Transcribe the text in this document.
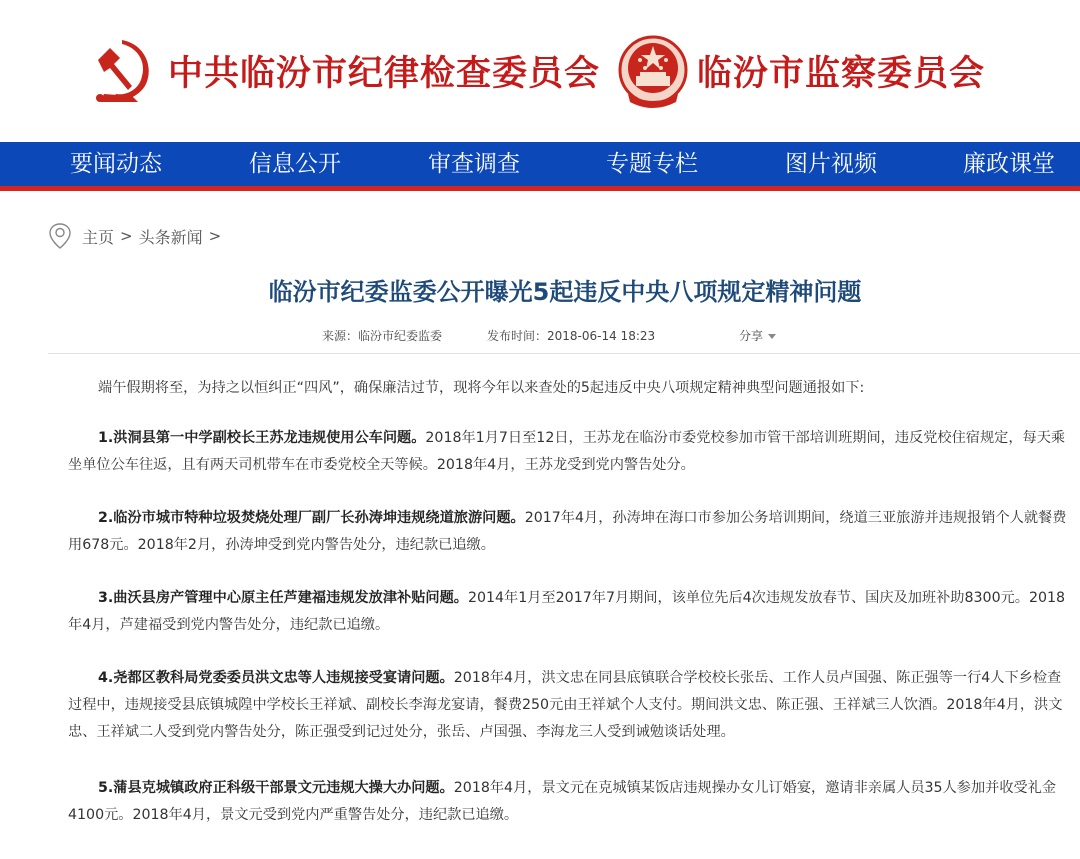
中共临汾市纪律检查委员会	临汾市监察委员会
要闻动态	信息公开	审查调查	专题专栏	图片视频	廉政课堂
主页 > 头条新闻 >
临汾市纪委监委公开曝光5起违反中央八项规定精神问题
来源：临汾市纪委监委	发布时间：2018-06-14 18:23	分享
端午假期将至，为持之以恒纠正“四风”，确保廉洁过节，现将今年以来查处的5起违反中央八项规定精神典型问题通报如下:
1.洪洞县第一中学副校长王苏龙违规使用公车问题。2018年1月7日至12日，王苏龙在临汾市委党校参加市管干部培训班期间，违反党校住宿规定，每天乘坐单位公车往返，且有两天司机带车在市委党校全天等候。2018年4月，王苏龙受到党内警告处分。
2.临汾市城市特种垃圾焚烧处理厂副厂长孙涛坤违规绕道旅游问题。2017年4月，孙涛坤在海口市参加公务培训期间，绕道三亚旅游并违规报销个人就餐费用678元。2018年2月，孙涛坤受到党内警告处分，违纪款已追缴。
3.曲沃县房产管理中心原主任芦建福违规发放津补贴问题。2014年1月至2017年7月期间，该单位先后4次违规发放春节、国庆及加班补助8300元。2018年4月，芦建福受到党内警告处分，违纪款已追缴。
4.尧都区教科局党委委员洪文忠等人违规接受宴请问题。2018年4月，洪文忠在同县底镇联合学校校长张岳、工作人员卢国强、陈正强等一行4人下乡检查过程中，违规接受县底镇城隍中学校长王祥斌、副校长李海龙宴请，餐费250元由王祥斌个人支付。期间洪文忠、陈正强、王祥斌三人饮酒。2018年4月，洪文忠、王祥斌二人受到党内警告处分，陈正强受到记过处分，张岳、卢国强、李海龙三人受到诫勉谈话处理。
5.蒲县克城镇政府正科级干部景文元违规大操大办问题。2018年4月，景文元在克城镇某饭店违规操办女儿订婚宴，邀请非亲属人员35人参加并收受礼金4100元。2018年4月，景文元受到党内严重警告处分，违纪款已追缴。
